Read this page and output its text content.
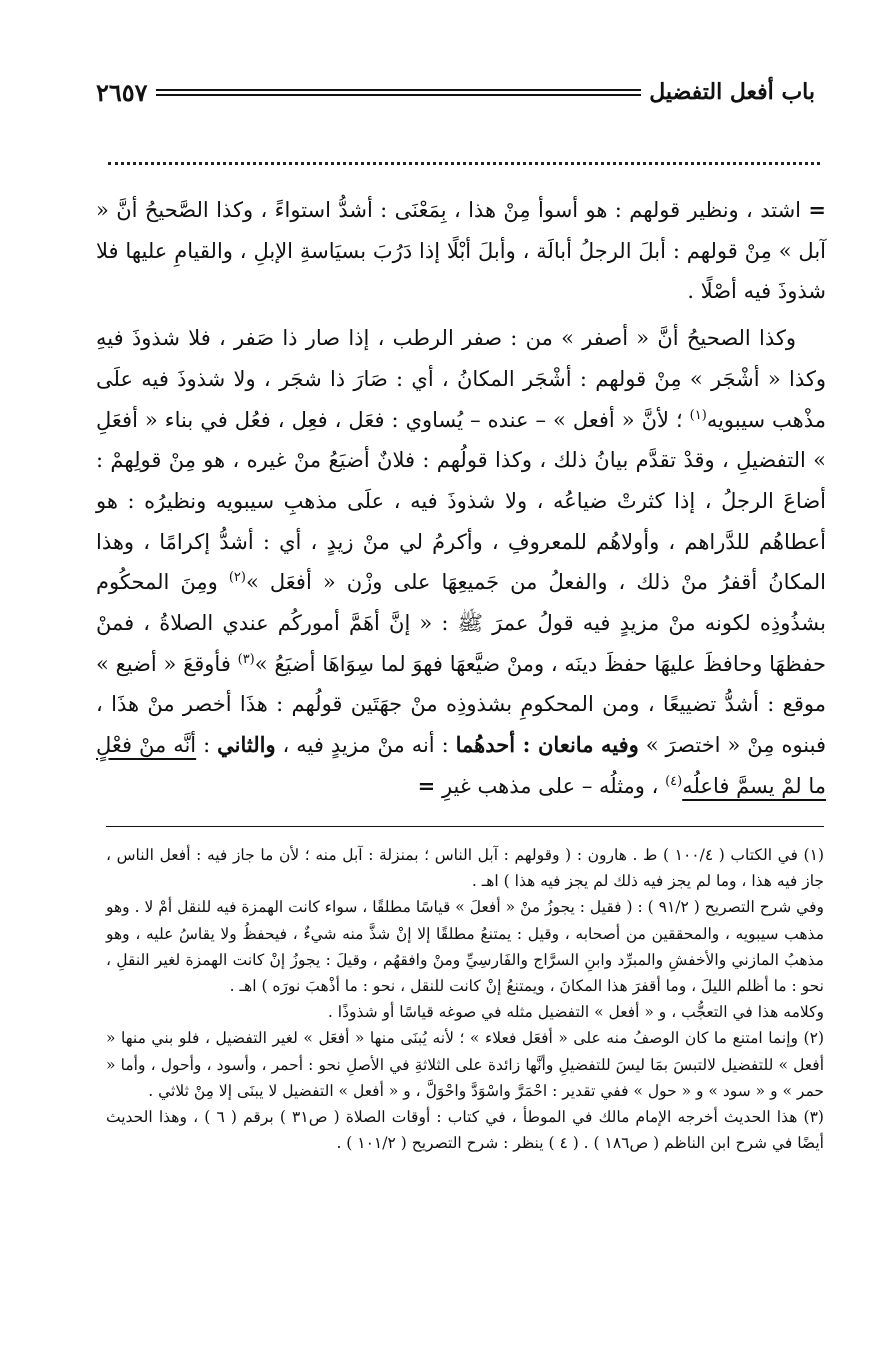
باب أفعل التفضيل
٢٦٥٧

= اشتد ، ونظير قولهم : هو أسوأ مِنْ هذا ، بِمَعْنَى : أشدُّ استواءً ، وكذا الصَّحيحُ أنَّ « آبل » مِنْ قولهم : أبلَ الرجلُ أبالَة ، وأبلَ أبْلًا إذا دَرُبَ بسيَاسةِ الإبلِ ، والقيامِ عليها فلا شذوذَ فيه أصْلًا .

وكذا الصحيحُ أنَّ « أصفر » من : صفر الرطب ، إذا صار ذا صَفر ، فلا شذوذَ فيهِ وكذا « أشْجَر » مِنْ قولهم : أشْجَر المكانُ ، أي : صَارَ ذا شجَر ، ولا شذوذَ فيه علَى مذْهب سيبويه$^{(١)}$ ؛ لأنَّ « أفعل » – عنده – يُساوي : فعَل ، فعِل ، فعُل في بناء « أفعَلِ » التفضيلِ ، وقدْ تقدَّم بيانُ ذلك ، وكذا قولُهم : فلانٌ أضيَعُ منْ غيره ، هو مِنْ قولِهمْ : أضاعَ الرجلُ ، إذا كثرتْ ضياعُه ، ولا شذوذَ فيه ، علَى مذهبِ سيبويه ونظيرُه : هو أعطاهُم للدَّراهم ، وأولاهُم للمعروفِ ، وأكرمُ لي منْ زيدٍ ، أي : أشدُّ إكرامًا ، وهذا المكانُ أقفرُ منْ ذلك ، والفعلُ من جَميعِهَا على وزْن « أفعَل »$^{(٢)}$ ومِنَ المحكُوم بشذُوذِه لكونه منْ مزيدٍ فيه قولُ عمرَ ﷺ : « إنَّ أهَمَّ أموركُم عندي الصلاةُ ، فمنْ حفظهَا وحافظَ عليهَا حفظَ دينَه ، ومنْ ضيَّعهَا فهوَ لما سِوَاهَا أضيَعُ »$^{(٣)}$ فأوقعَ « أضيع » موقع : أشدُّ تضييعًا ، ومن المحكومِ بشذوذِه منْ جهَتَين قولُهم : هذَا أخصر منْ هذَا ، فبنوه مِنْ « اختصرَ » وفيه مانعان : أحدهُما : أنه منْ مزيدٍ فيه ، والثاني : أنَّه منْ فعْلٍ ما لمْ يسمَّ فاعلُه$^{(٤)}$ ، ومثلُه – على مذهب غيرِ =

(١) في الكتاب ( ١٠٠/٤ ) ط . هارون : ( وقولهم : آبل الناس ؛ بمنزلة : آبل منه ؛ لأن ما جاز فيه : أفعل الناس ، جاز فيه هذا ، وما لم يجز فيه ذلك لم يجز فيه هذا ) اهـ .

وفي شرح التصريح ( ٩١/٢ ) : ( فقيل : يجوزُ منْ « أفعلَ » قياسًا مطلقًا ، سواء كانت الهمزة فيه للنقل أمْ لا . وهو مذهب سيبويه ، والمحققين من أصحابه ، وقيل : يمتنعُ مطلقًا إلا إنْ شذَّ منه شيءٌ ، فيحفظُ ولا يقاسُ عليه ، وهو مذهبُ المازني والأخفشِ والمبرِّد وابنِ السرَّاج والفَارسِيِّ ومنْ وافقهُم ، وقيلَ : يجوزُ إنْ كانت الهمزة لغير النقلِ ، نحو : ما أظلم الليلَ ، وما أقفرَ هذا المكانَ ، ويمتنعُ إنْ كانت للنقل ، نحو : ما أذْهبَ نورَه ) اهـ .

وكلامه هذا في التعجُّب ، و « أفعل » التفضيل مثله في صوغه قياسًا أو شذوذًا .

(٢) وإنما امتنع ما كان الوصفُ منه على « أفعَل فعلاء » ؛ لأنه يُبنَى منها « أفعَل » لغير التفضيل ، فلو بني منها « أفعل » للتفضيل لالتبسَ بمَا ليسَ للتفضيلِ وأنَّها زائدة على الثلاثةِ في الأصلِ نحو : أحمر ، وأسود ، وأحول ، وأما « حمر » و « سود » و « حول » ففي تقدير : احْمَرَّ واسْوَدَّ واحْوَلَّ ، و « أفعل » التفضيل لا يبنَى إلا مِنْ ثلاثي .

(٣) هذا الحديث أخرجه الإمام مالك في الموطأ ، في كتاب : أوقات الصلاة ( ص٣١ ) برقم ( ٦ ) ، وهذا الحديث أيضًا في شرح ابن الناظم ( ص١٨٦ ) . ( ٤ ) ينظر : شرح التصريح ( ١٠١/٢ ) .
